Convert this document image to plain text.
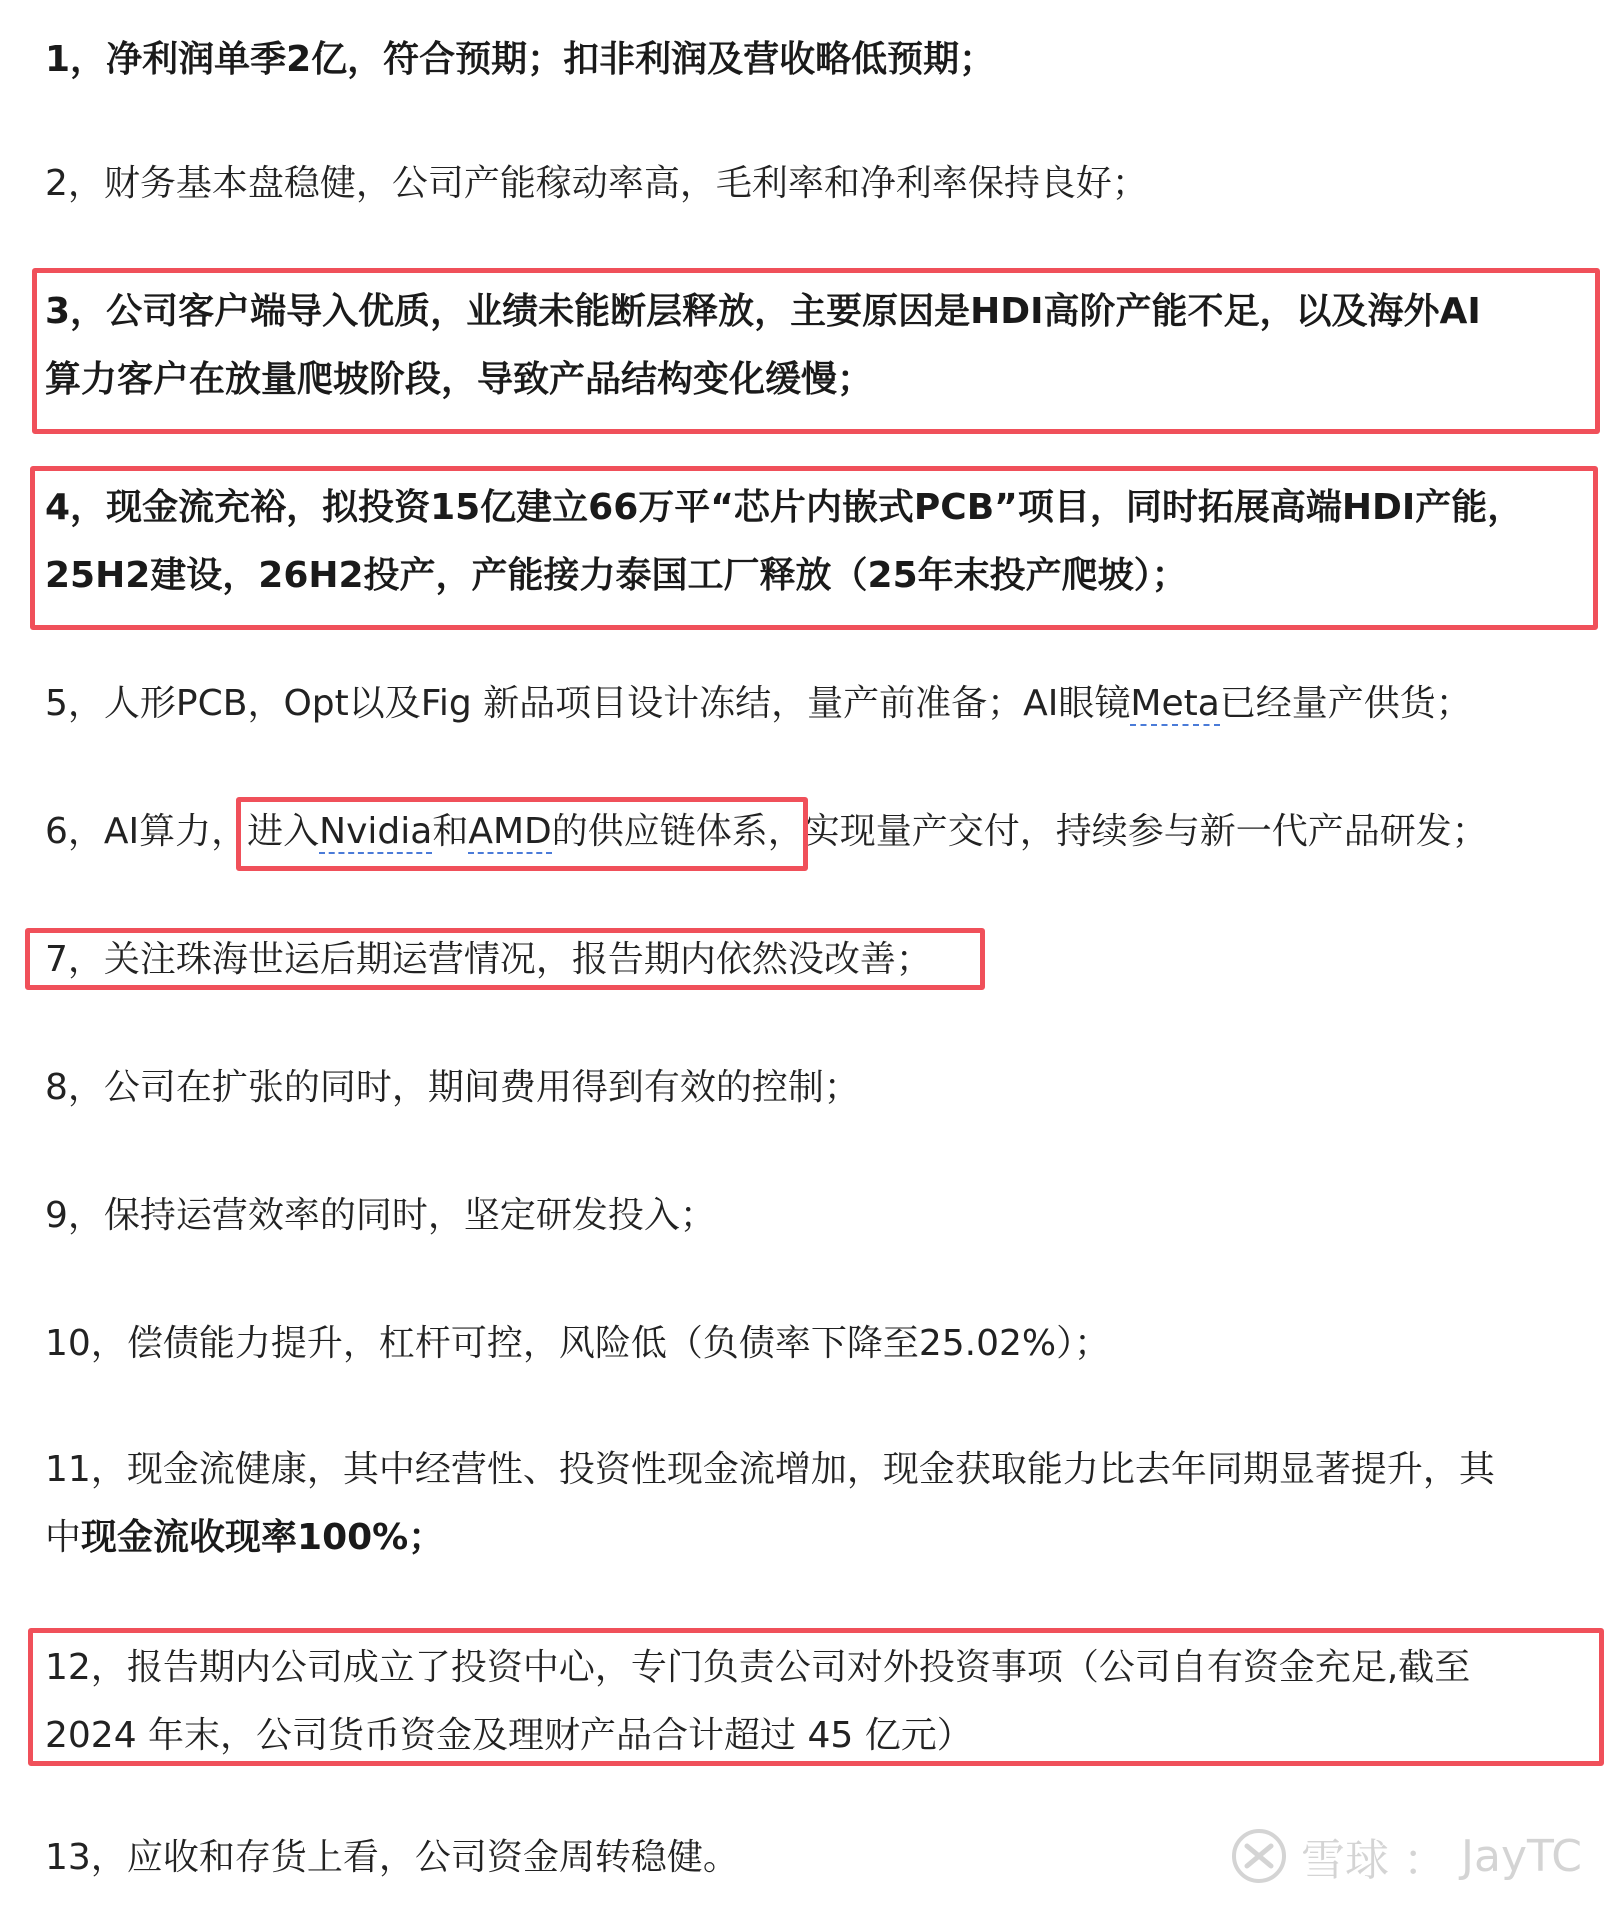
1，净利润单季2亿，符合预期；扣非利润及营收略低预期；
2，财务基本盘稳健，公司产能稼动率高，毛利率和净利率保持良好；
3，公司客户端导入优质，业绩未能断层释放，主要原因是HDI高阶产能不足，以及海外AI
算力客户在放量爬坡阶段，导致产品结构变化缓慢；
4，现金流充裕，拟投资15亿建立66万平“芯片内嵌式PCB”项目，同时拓展高端HDI产能，
25H2建设，26H2投产，产能接力泰国工厂释放（25年末投产爬坡）；
5，人形PCB，Opt以及Fig 新品项目设计冻结，量产前准备；AI眼镜Meta已经量产供货；
6，AI算力，进入Nvidia和AMD的供应链体系，实现量产交付，持续参与新一代产品研发；
7，关注珠海世运后期运营情况，报告期内依然没改善；
8，公司在扩张的同时，期间费用得到有效的控制；
9，保持运营效率的同时，坚定研发投入；
10，偿债能力提升，杠杆可控，风险低（负债率下降至25.02%）；
11，现金流健康，其中经营性、投资性现金流增加，现金获取能力比去年同期显著提升，其
中现金流收现率100%；
12，报告期内公司成立了投资中心，专门负责公司对外投资事项（公司自有资金充足,截至
2024 年末，公司货币资金及理财产品合计超过 45 亿元）
13，应收和存货上看，公司资金周转稳健。	雪球 ： JayTC
